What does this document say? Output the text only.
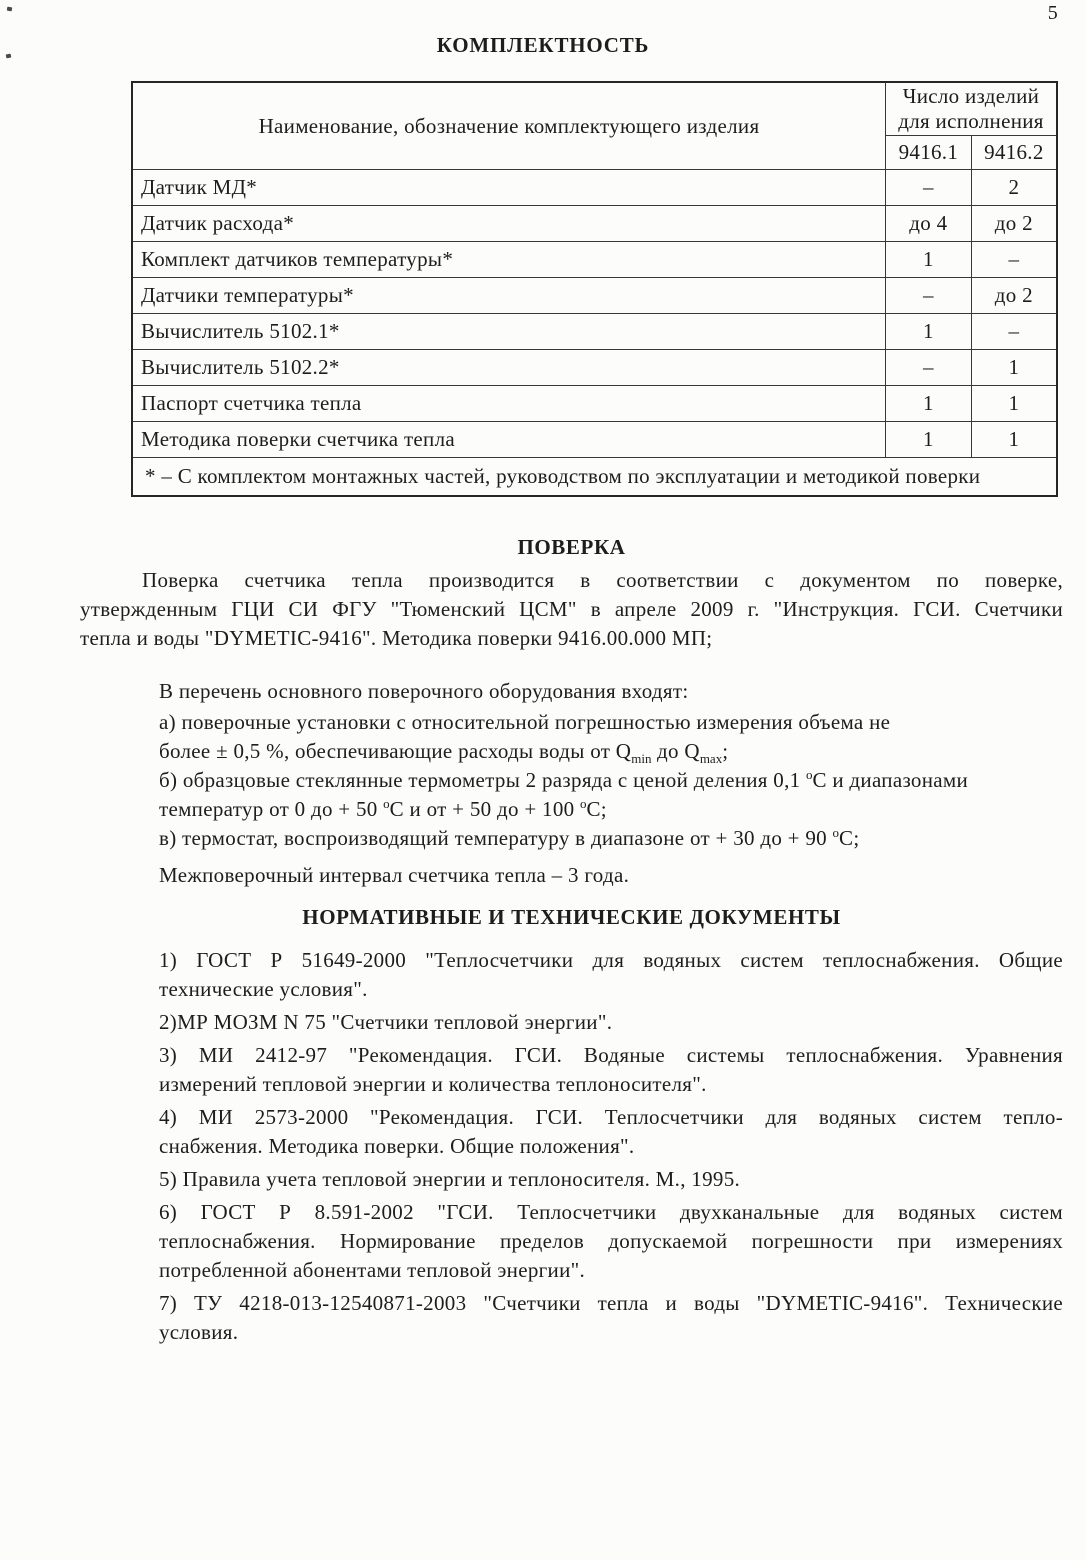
5
КОМПЛЕКТНОСТЬ
Наименование, обозначение комплектующего изделия	Число изделий
для исполнения	

	9416.1	9416.2
Датчик МД*	–	2
Датчик расхода*	до 4	до 2
Комплект датчиков температуры*	1	–
Датчики температуры*	–	до 2
Вычислитель 5102.1*	1	–
Вычислитель 5102.2*	–	1
Паспорт счетчика тепла	1	1
Методика поверки счетчика тепла	1	1
* – С комплектом монтажных частей, руководством по эксплуатации и методикой поверки		
ПОВЕРКА
Поверка счетчика тепла производится в соответствии с документом по поверке,
утвержденным ГЦИ СИ ФГУ "Тюменский ЦСМ" в апреле 2009 г. "Инструкция. ГСИ. Счетчики
тепла и воды "DYMETIC-9416". Методика поверки 9416.00.000 МП;
В перечень основного поверочного оборудования входят:
а) поверочные установки с относительной погрешностью измерения объема не
более ± 0,5 %, обеспечивающие расходы воды от $Q_{min}$ до $Q_{max}$;
б) образцовые стеклянные термометры 2 разряда с ценой деления 0,1 $^о$С и диапазонами
температур от 0 до + 50 $^о$С и от + 50 до + 100 $^о$С;
в) термостат, воспроизводящий температуру в диапазоне от + 30 до + 90 $^о$С;
Межповерочный интервал счетчика тепла – 3 года.
НОРМАТИВНЫЕ И ТЕХНИЧЕСКИЕ ДОКУМЕНТЫ
1) ГОСТ Р 51649-2000 "Теплосчетчики для водяных систем теплоснабжения. Общие
технические условия".
2)МР МОЗМ N 75 "Счетчики тепловой энергии".
3) МИ 2412-97 "Рекомендация. ГСИ. Водяные системы теплоснабжения. Уравнения
измерений тепловой энергии и количества теплоносителя".
4) МИ 2573-2000 "Рекомендация. ГСИ. Теплосчетчики для водяных систем тепло-
снабжения. Методика поверки. Общие положения".
5) Правила учета тепловой энергии и теплоносителя. М., 1995.
6) ГОСТ Р 8.591-2002 "ГСИ. Теплосчетчики двухканальные для водяных систем
теплоснабжения. Нормирование пределов допускаемой погрешности при измерениях
потребленной абонентами тепловой энергии".
7) ТУ 4218-013-12540871-2003 "Счетчики тепла и воды "DYMETIC-9416". Технические
условия.
